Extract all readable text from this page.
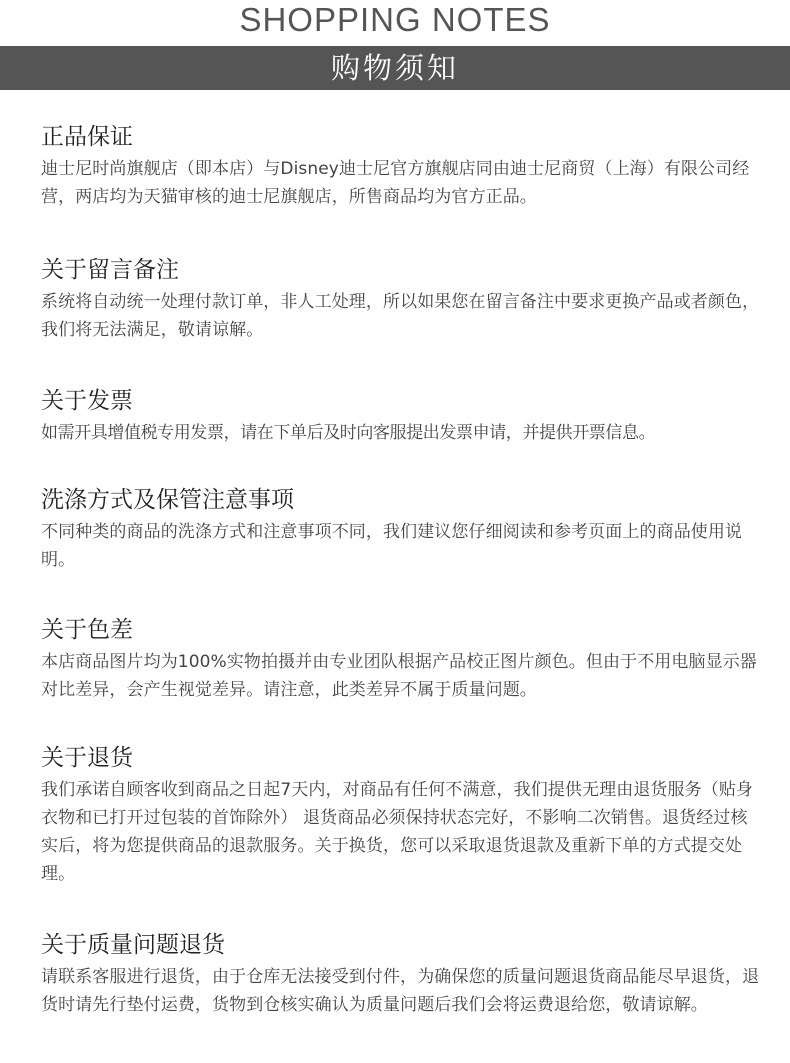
SHOPPING NOTES
购物须知
正品保证

迪士尼时尚旗舰店（即本店）与Disney迪士尼官方旗舰店同由迪士尼商贸（上海）有限公司经营，两店均为天猫审核的迪士尼旗舰店，所售商品均为官方正品。

关于留言备注

系统将自动统一处理付款订单，非人工处理，所以如果您在留言备注中要求更换产品或者颜色，我们将无法满足，敬请谅解。

关于发票

如需开具增值税专用发票，请在下单后及时向客服提出发票申请，并提供开票信息。

洗涤方式及保管注意事项

不同种类的商品的洗涤方式和注意事项不同，我们建议您仔细阅读和参考页面上的商品使用说明。

关于色差

本店商品图片均为100%实物拍摄并由专业团队根据产品校正图片颜色。但由于不用电脑显示器对比差异，会产生视觉差异。请注意，此类差异不属于质量问题。

关于退货

我们承诺自顾客收到商品之日起7天内，对商品有任何不满意，我们提供无理由退货服务（贴身衣物和已打开过包装的首饰除外） 退货商品必须保持状态完好，不影响二次销售。退货经过核实后，将为您提供商品的退款服务。关于换货，您可以采取退货退款及重新下单的方式提交处理。

关于质量问题退货

请联系客服进行退货，由于仓库无法接受到付件，为确保您的质量问题退货商品能尽早退货，退货时请先行垫付运费，货物到仓核实确认为质量问题后我们会将运费退给您，敬请谅解。
